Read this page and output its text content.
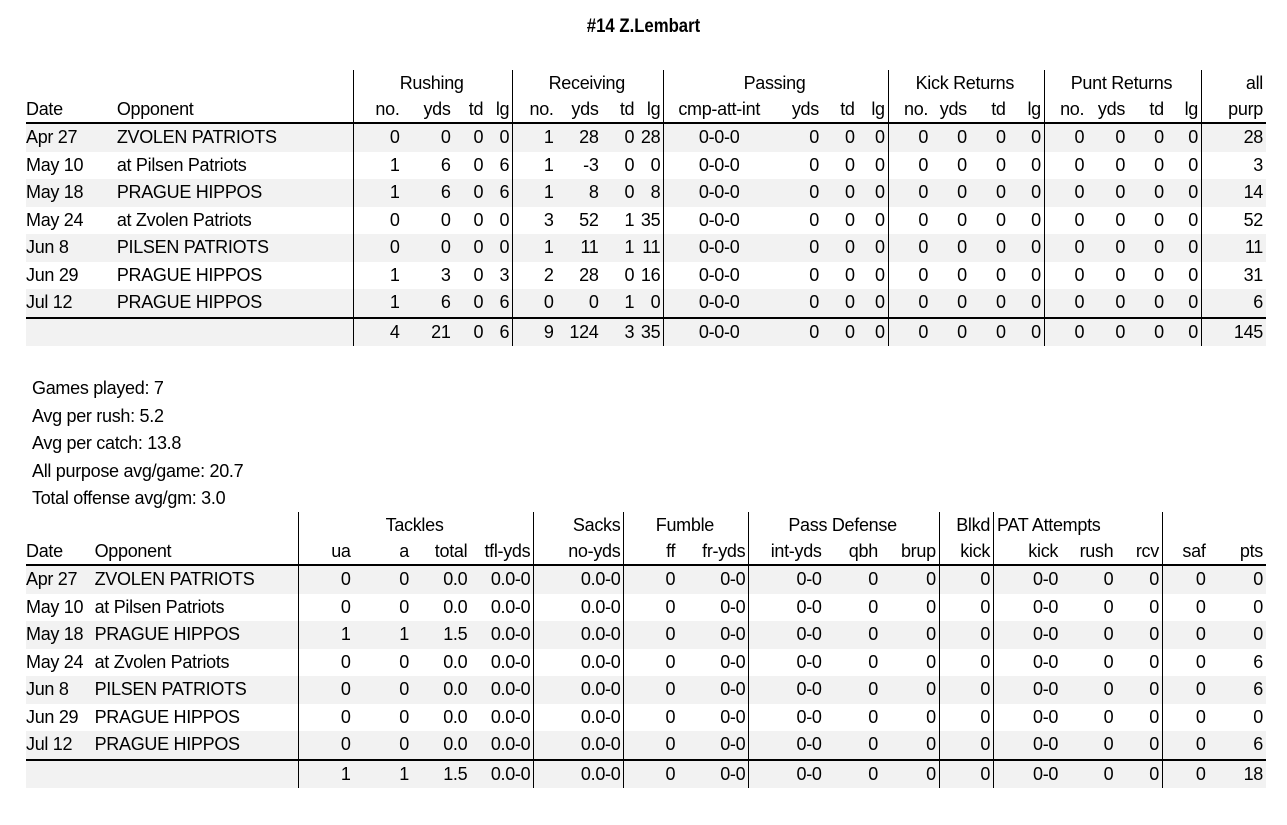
#14 Z.Lembart
		Rushing				Receiving				Passing				Kick Returns				Punt Returns				all
Date	Opponent	no.	yds	td	lg	no.	yds	td	lg	cmp-att-int	yds	td	lg	no.	yds	td	lg	no.	yds	td	lg	purp
Apr 27	ZVOLEN PATRIOTS	0	0	0	0	1	28	0	28	0-0-0	0	0	0	0	0	0	0	0	0	0	0	28
May 10	at Pilsen Patriots	1	6	0	6	1	-3	0	0	0-0-0	0	0	0	0	0	0	0	0	0	0	0	3
May 18	PRAGUE HIPPOS	1	6	0	6	1	8	0	8	0-0-0	0	0	0	0	0	0	0	0	0	0	0	14
May 24	at Zvolen Patriots	0	0	0	0	3	52	1	35	0-0-0	0	0	0	0	0	0	0	0	0	0	0	52
Jun 8	PILSEN PATRIOTS	0	0	0	0	1	11	1	11	0-0-0	0	0	0	0	0	0	0	0	0	0	0	11
Jun 29	PRAGUE HIPPOS	1	3	0	3	2	28	0	16	0-0-0	0	0	0	0	0	0	0	0	0	0	0	31
Jul 12	PRAGUE HIPPOS	1	6	0	6	0	0	1	0	0-0-0	0	0	0	0	0	0	0	0	0	0	0	6
		4	21	0	6	9	124	3	35	0-0-0	0	0	0	0	0	0	0	0	0	0	0	145
Games played: 7
Avg per rush: 5.2
Avg per catch: 13.8
All purpose avg/game: 20.7
Total offense avg/gm: 3.0
		Tackles				Sacks	Fumble		Pass Defense			Blkd	PAT Attempts				
Date	Opponent	ua	a	total	tfl-yds	no-yds	ff	fr-yds	int-yds	qbh	brup	kick	kick	rush	rcv	saf	pts
Apr 27	ZVOLEN PATRIOTS	0	0	0.0	0.0-0	0.0-0	0	0-0	0-0	0	0	0	0-0	0	0	0	0
May 10	at Pilsen Patriots	0	0	0.0	0.0-0	0.0-0	0	0-0	0-0	0	0	0	0-0	0	0	0	0
May 18	PRAGUE HIPPOS	1	1	1.5	0.0-0	0.0-0	0	0-0	0-0	0	0	0	0-0	0	0	0	0
May 24	at Zvolen Patriots	0	0	0.0	0.0-0	0.0-0	0	0-0	0-0	0	0	0	0-0	0	0	0	6
Jun 8	PILSEN PATRIOTS	0	0	0.0	0.0-0	0.0-0	0	0-0	0-0	0	0	0	0-0	0	0	0	6
Jun 29	PRAGUE HIPPOS	0	0	0.0	0.0-0	0.0-0	0	0-0	0-0	0	0	0	0-0	0	0	0	0
Jul 12	PRAGUE HIPPOS	0	0	0.0	0.0-0	0.0-0	0	0-0	0-0	0	0	0	0-0	0	0	0	6
		1	1	1.5	0.0-0	0.0-0	0	0-0	0-0	0	0	0	0-0	0	0	0	18
